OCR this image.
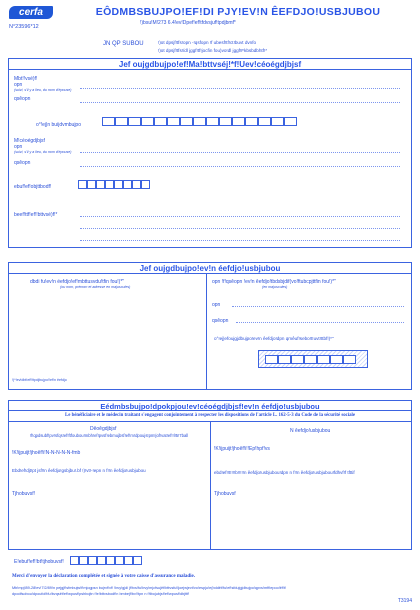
cerfa
N°23596*12
EÔDMBSBUJPO!EF!DI PJY!EV!N ÊEFDJO!USBJUBOU
!)bsu!M!273 6.4!ev!Dpef!ef!tfdvsjuf!tpdjbmf*
JN QP SUBOU	!)ot dpsjf!tfs!opn -!qsfopn !f ubesf!tf!ct!buvt dvnfo
!)ot dpsjf!tfs!/dl jggf!tf!jocfin fou)vo!dl jggf!Fkbsbdbhtf!*
Jef oujgdbujpo!ef!Ma!bttvséj!*f!Uev!céoégdjbjsf
Mbt!!vsé)f!
opn
(suivi, s'il y a lieu, du nom d'épouse)
qsêopn
o°!ej|n buijdvmbujpo
M!céoégdjbjsf
opn
(suivi, s'il y a lieu, du nom d'épouse)
qsêopn
ebuf!ef!objttbodf!
beef!ttf!ef!!bttvsé)f!*
Jef oujgdbujpo!ev!n éefdjo!usbjubou
dbdi fu!ev!n éefdjo!ef!mbttusvdu!tfin fou!)*"
(ou nom, prénom et adresse en majuscules)
!)*!ev!dbt!ef!!ttpdjbujpo!!ef!n êefdjo
opn !f!qsêopn !ev!n êefdjo!tbdsbjdif(vo!ftubcpjttfin fou!)*"
(en majuscules)
opn
qsêopn
o°!ej|efoujgjdbujpo!ev!n êefdjo!dpn qmêuf!sebo!t!uvt!ttbf!)*"
Eédmbsbujpo!dpokpjou!ev!céoégdjbjsf!ev!n éefdjo!usbjubou
Le bénéficiaire et le médecin traitant s'engagent conjointement à respecter les dispositions de l'article L. 162-5-3 du Code de la sécurité sociale
Dêoêgdjbjsf
!f!qpdsubf!pv!sfqs!ef!ftfoubou!mbh!ef!pvsf!ebmujbsf!ef!m!dpoujs!pm!jof!vat!ef!!l!5!7ball
N êefdjo!usbjubou
!K!ijpuijt!jhoêf!i!N-N-N-N-N-fmb
Ebd!ef!djt!pt jsf!!n êefdjo!gsbjbu!.bf !)!vt!-!epn n f!!n êefdjo!usbjubou
Tjhobuvsf!
!K!ijpuijt!jhoêf!i!!Ep!hpf!vs
ebd!ef!!t!!!!b!!!!!n êefdjo!usbjubou!dpn n f!!n êefdjo!usbjubou!fdhvf!f tfttif
Tjhobuvsf
E!ebuf!ef!!bt!tjhobuvsf!
Merci d'envoyer la déclaration complétée et signée à votre caisse d'assurance maladie.
Mb!mpj!89-28!ev!7!2/89!n pejgjf!sfmbujw!f!mjogpsn bujrvf!vf! !bvy!gjdi jf!tvs!fu!bvy!mjcfsujêt!bttvsfu!ljoejwjevt!vo!espju!e(bddêt!fu!ef!sfdujgjdbujpo!qpvs!mft!epoo!êf!t!
dpodfsobou!dpoufoi!tfu!bvqsêt!ef!wpusf!pshbojtn f!e!bttvsbodf!n bmbejf!bv!!tpn n f!tbojubjsf!ef!wpusf!dbjttf!
T3194
